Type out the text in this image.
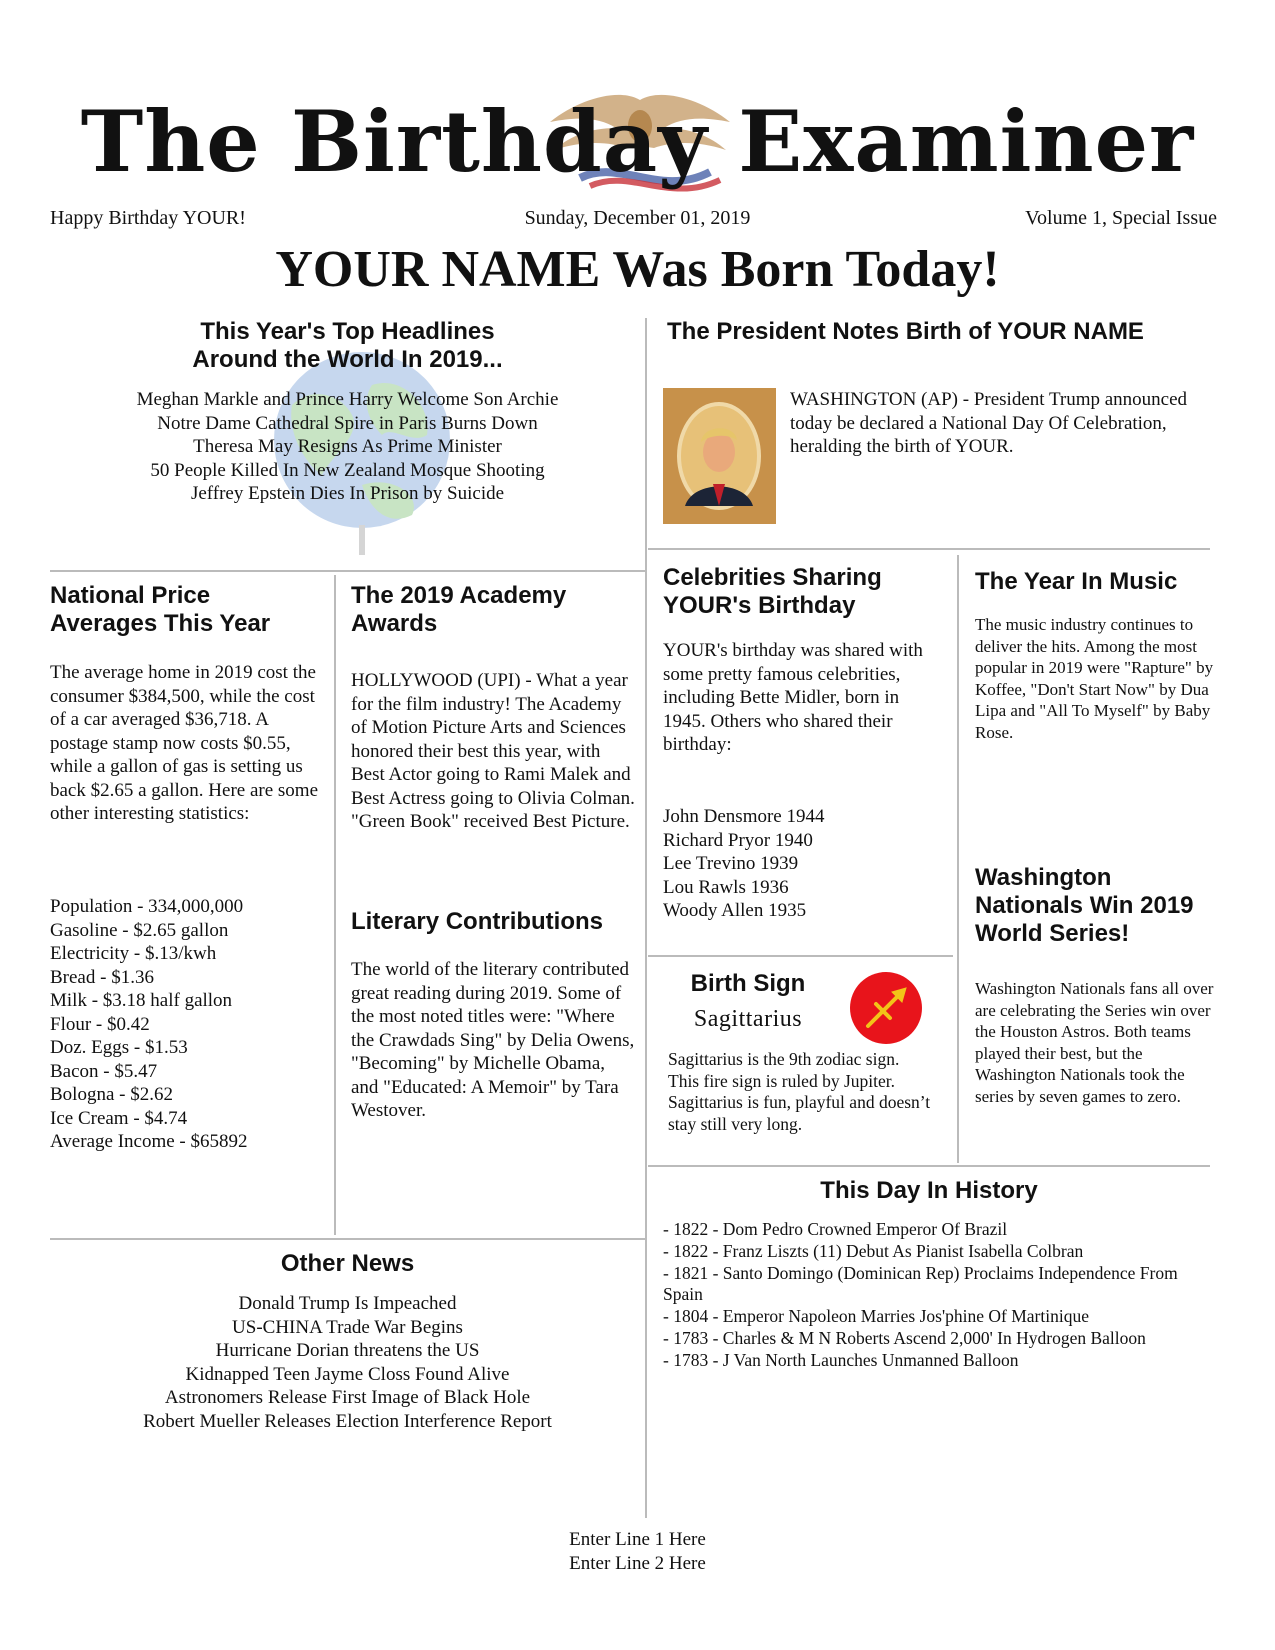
The Birthday Examiner
Happy Birthday YOUR!	Sunday, December 01, 2019	Volume 1, Special Issue
YOUR NAME Was Born Today!
This Year's Top Headlines
Around the World In 2019...
Meghan Markle and Prince Harry Welcome Son Archie
Notre Dame Cathedral Spire in Paris Burns Down
Theresa May Resigns As Prime Minister
50 People Killed In New Zealand Mosque Shooting
Jeffrey Epstein Dies In Prison by Suicide
The President Notes Birth of YOUR NAME
WASHINGTON (AP) - President Trump announced today be declared a National Day Of Celebration, heralding the birth of YOUR.
National Price
Averages This Year
The average home in 2019 cost the consumer $384,500, while the cost of a car averaged $36,718. A postage stamp now costs $0.55, while a gallon of gas is setting us back $2.65 a gallon. Here are some other interesting statistics:
Population - 334,000,000
Gasoline - $2.65 gallon
Electricity - $.13/kwh
Bread - $1.36
Milk - $3.18 half gallon
Flour - $0.42
Doz. Eggs - $1.53
Bacon - $5.47
Bologna - $2.62
Ice Cream - $4.74
Average Income - $65892
The 2019 Academy
Awards
HOLLYWOOD (UPI) - What a year for the film industry! The Academy of Motion Picture Arts and Sciences honored their best this year, with Best Actor going to Rami Malek and Best Actress going to Olivia Colman. "Green Book" received Best Picture.
Literary Contributions
The world of the literary contributed great reading during 2019. Some of the most noted titles were: "Where the Crawdads Sing" by Delia Owens, "Becoming" by Michelle Obama, and "Educated: A Memoir" by Tara Westover.
Other News
Donald Trump Is Impeached
US-CHINA Trade War Begins
Hurricane Dorian threatens the US
Kidnapped Teen Jayme Closs Found Alive
Astronomers Release First Image of Black Hole
Robert Mueller Releases Election Interference Report
Celebrities Sharing
YOUR's Birthday
YOUR's birthday was shared with some pretty famous celebrities, including Bette Midler, born in 1945. Others who shared their birthday:
John Densmore 1944
Richard Pryor 1940
Lee Trevino 1939
Lou Rawls 1936
Woody Allen 1935
The Year In Music
The music industry continues to deliver the hits. Among the most popular in 2019 were "Rapture" by Koffee, "Don't Start Now" by Dua Lipa and "All To Myself" by Baby Rose.
Washington
Nationals Win 2019
World Series!
Washington Nationals fans all over are celebrating the Series win over the Houston Astros. Both teams played their best, but the Washington Nationals took the series by seven games to zero.
Birth Sign
Sagittarius
Sagittarius is the 9th zodiac sign. This fire sign is ruled by Jupiter. Sagittarius is fun, playful and doesn’t stay still very long.
This Day In History
- 1822 - Dom Pedro Crowned Emperor Of Brazil
- 1822 - Franz Liszts (11) Debut As Pianist Isabella Colbran
- 1821 - Santo Domingo (Dominican Rep) Proclaims Independence From Spain
- 1804 - Emperor Napoleon Marries Jos'phine Of Martinique
- 1783 - Charles & M N Roberts Ascend 2,000' In Hydrogen Balloon
- 1783 - J Van North Launches Unmanned Balloon
Enter Line 1 Here
Enter Line 2 Here
